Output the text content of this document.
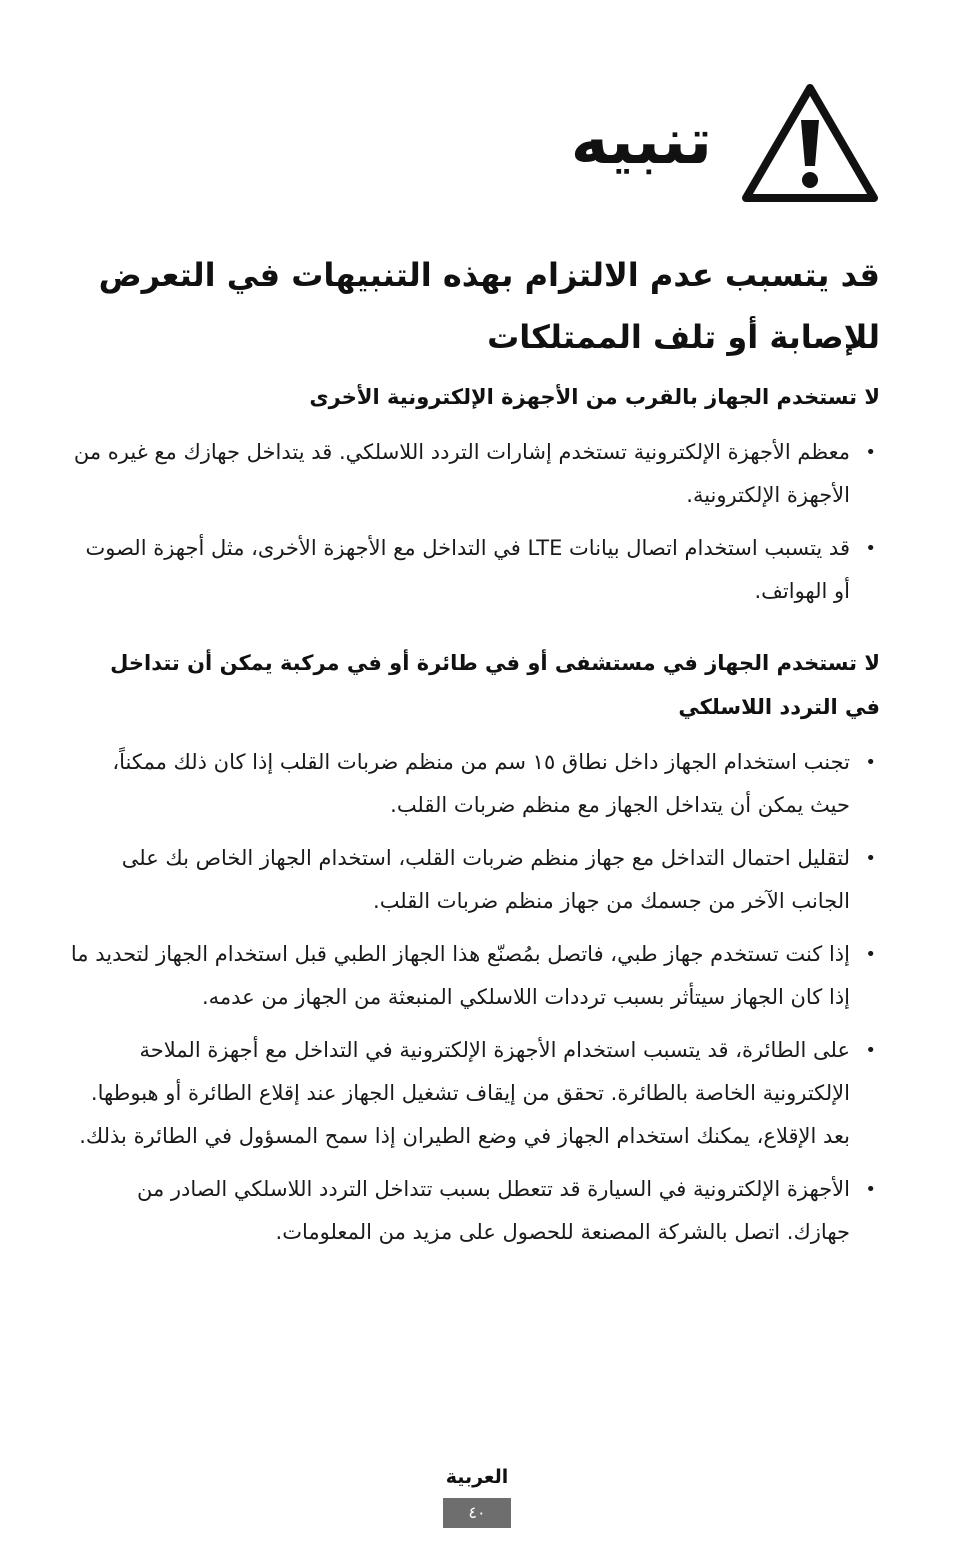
تنبيه
قد يتسبب عدم الالتزام بهذه التنبيهات في التعرض للإصابة أو تلف الممتلكات
لا تستخدم الجهاز بالقرب من الأجهزة الإلكترونية الأخرى
•
معظم الأجهزة الإلكترونية تستخدم إشارات التردد اللاسلكي. قد يتداخل جهازك مع غيره من الأجهزة الإلكترونية.
•
قد يتسبب استخدام اتصال بيانات LTE في التداخل مع الأجهزة الأخرى، مثل أجهزة الصوت أو الهواتف.
لا تستخدم الجهاز في مستشفى أو في طائرة أو في مركبة يمكن أن تتداخل في التردد اللاسلكي
•
تجنب استخدام الجهاز داخل نطاق ١٥ سم من منظم ضربات القلب إذا كان ذلك ممكناً، حيث يمكن أن يتداخل الجهاز مع منظم ضربات القلب.
•
لتقليل احتمال التداخل مع جهاز منظم ضربات القلب، استخدام الجهاز الخاص بك على الجانب الآخر من جسمك من جهاز منظم ضربات القلب.
•
إذا كنت تستخدم جهاز طبي، فاتصل بمُصنّع هذا الجهاز الطبي قبل استخدام الجهاز لتحديد ما إذا كان الجهاز سيتأثر بسبب ترددات اللاسلكي المنبعثة من الجهاز من عدمه.
•
على الطائرة، قد يتسبب استخدام الأجهزة الإلكترونية في التداخل مع أجهزة الملاحة الإلكترونية الخاصة بالطائرة. تحقق من إيقاف تشغيل الجهاز عند إقلاع الطائرة أو هبوطها. بعد الإقلاع، يمكنك استخدام الجهاز في وضع الطيران إذا سمح المسؤول في الطائرة بذلك.
•
الأجهزة الإلكترونية في السيارة قد تتعطل بسبب تتداخل التردد اللاسلكي الصادر من جهازك. اتصل بالشركة المصنعة للحصول على مزيد من المعلومات.
العربية
٤٠
